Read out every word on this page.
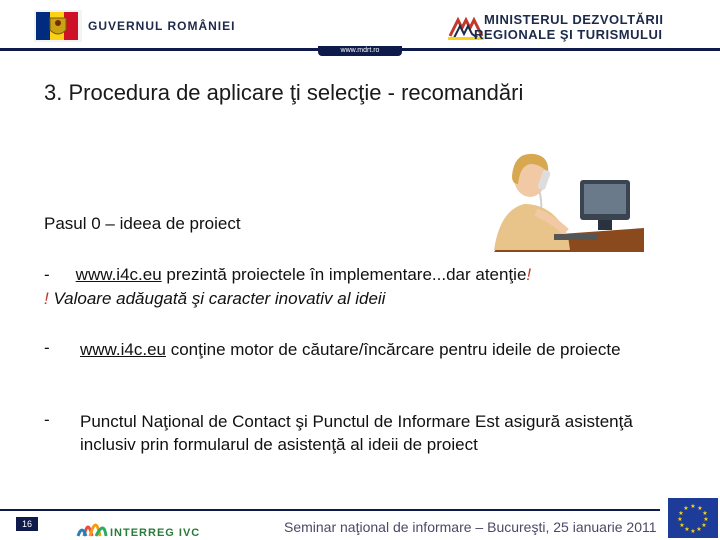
GUVERNUL ROMÂNIEI	MINISTERUL DEZVOLTĂRII
REGIONALE ŞI TURISMULUI
www.mdrt.ro
3. Procedura de aplicare ţi selecţie - recomandări
Pasul 0 – ideea de proiect
- www.i4c.eu prezintă proiectele în implementare...dar atenţie!
! Valoare adăugată şi caracter inovativ al ideii
- www.i4c.eu conţine motor de căutare/încărcare pentru ideile de proiecte
- Punctul Naţional de Contact şi Punctul de Informare Est asigură asistenţă inclusiv prin formularul de asistenţă al ideii de proiect
16
INTERREG IVC	Seminar naţional de informare – Bucureşti, 25 ianuarie 2011
★ ★
★
★
★
★
★
★
★
★
★
★
